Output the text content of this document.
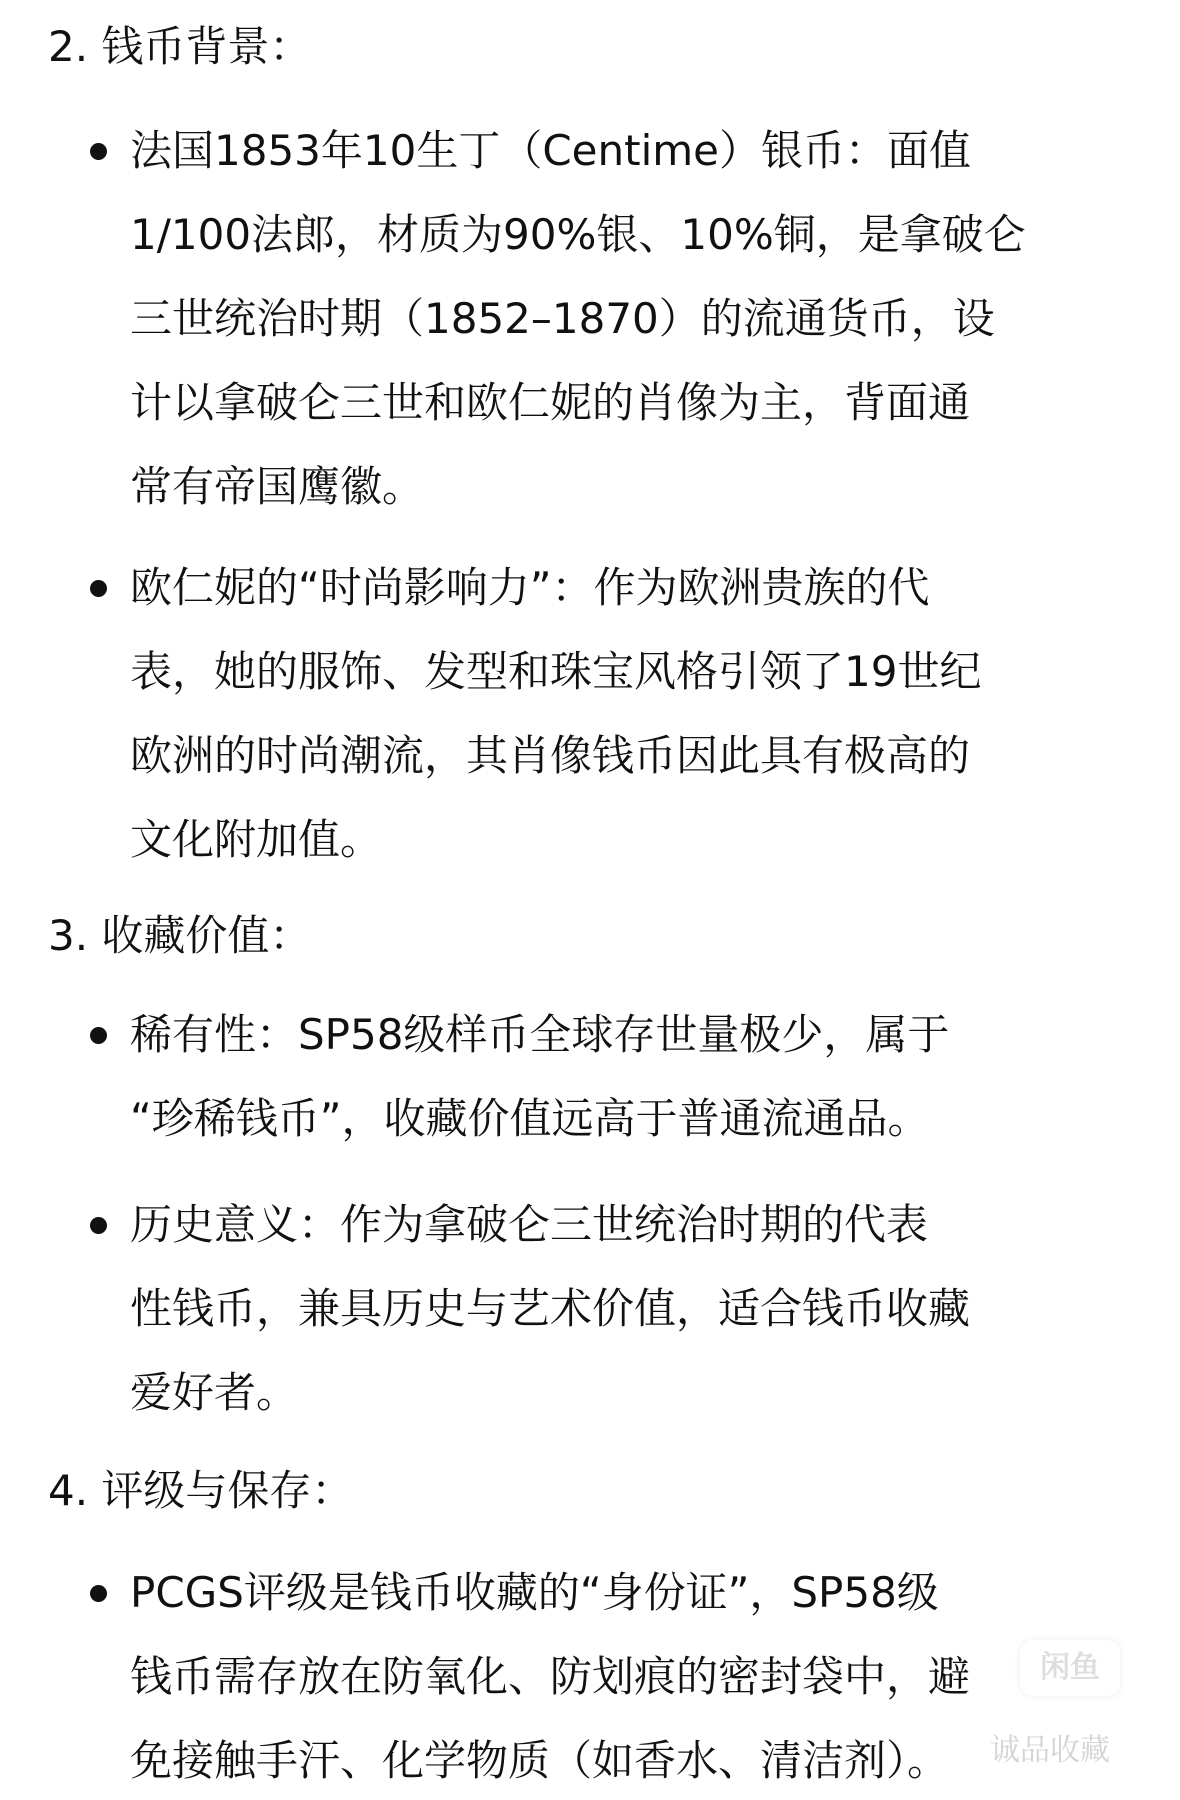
2. 钱币背景：
法国1853年10生丁（Centime）银币：面值
1/100法郎，材质为90%银、10%铜，是拿破仑
三世统治时期（1852–1870）的流通货币，设
计以拿破仑三世和欧仁妮的肖像为主，背面通
常有帝国鹰徽。
欧仁妮的“时尚影响力”：作为欧洲贵族的代
表，她的服饰、发型和珠宝风格引领了19世纪
欧洲的时尚潮流，其肖像钱币因此具有极高的
文化附加值。
3. 收藏价值：
稀有性：SP58级样币全球存世量极少，属于
“珍稀钱币”，收藏价值远高于普通流通品。
历史意义：作为拿破仑三世统治时期的代表
性钱币，兼具历史与艺术价值，适合钱币收藏
爱好者。
4. 评级与保存：
PCGS评级是钱币收藏的“身份证”，SP58级
钱币需存放在防氧化、防划痕的密封袋中，避
免接触手汗、化学物质（如香水、清洁剂）。
闲鱼
诚品收藏
